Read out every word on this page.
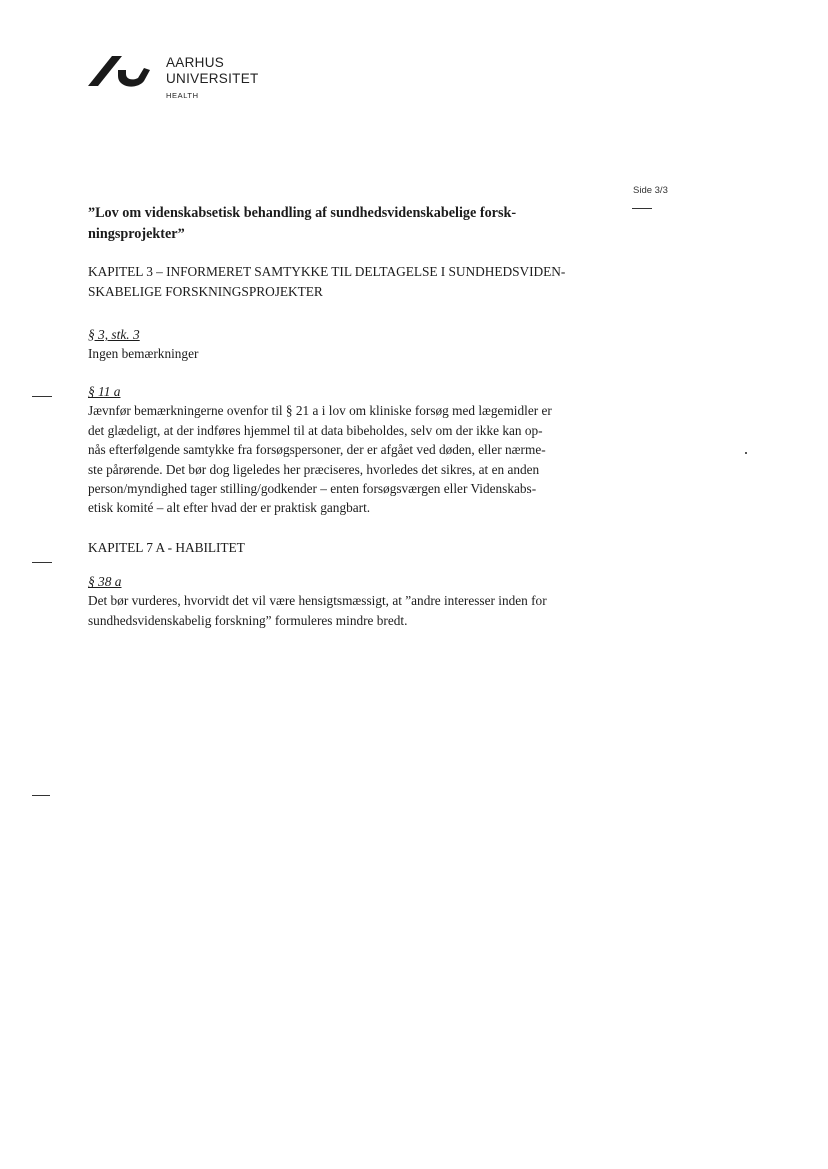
AARHUS
UNIVERSITET
HEALTH
Side 3/3
”Lov om videnskabsetisk behandling af sundhedsvidenskabelige forsk-
ningsprojekter”
KAPITEL 3 – INFORMERET SAMTYKKE TIL DELTAGELSE I SUNDHEDSVIDEN-
SKABELIGE FORSKNINGSPROJEKTER

§ 3, stk. 3

Ingen bemærkninger

§ 11 a

Jævnfør bemærkningerne ovenfor til § 21 a i lov om kliniske forsøg med lægemidler er
det glædeligt, at der indføres hjemmel til at data bibeholdes, selv om der ikke kan op-
nås efterfølgende samtykke fra forsøgspersoner, der er afgået ved døden, eller nærme-
ste pårørende. Det bør dog ligeledes her præciseres, hvorledes det sikres, at en anden
person/myndighed tager stilling/godkender – enten forsøgsværgen eller Videnskabs-
etisk komité – alt efter hvad der er praktisk gangbart.
KAPITEL 7 A - HABILITET

§ 38 a

Det bør vurderes, hvorvidt det vil være hensigtsmæssigt, at ”andre interesser inden for
sundhedsvidenskabelig forskning” formuleres mindre bredt.
